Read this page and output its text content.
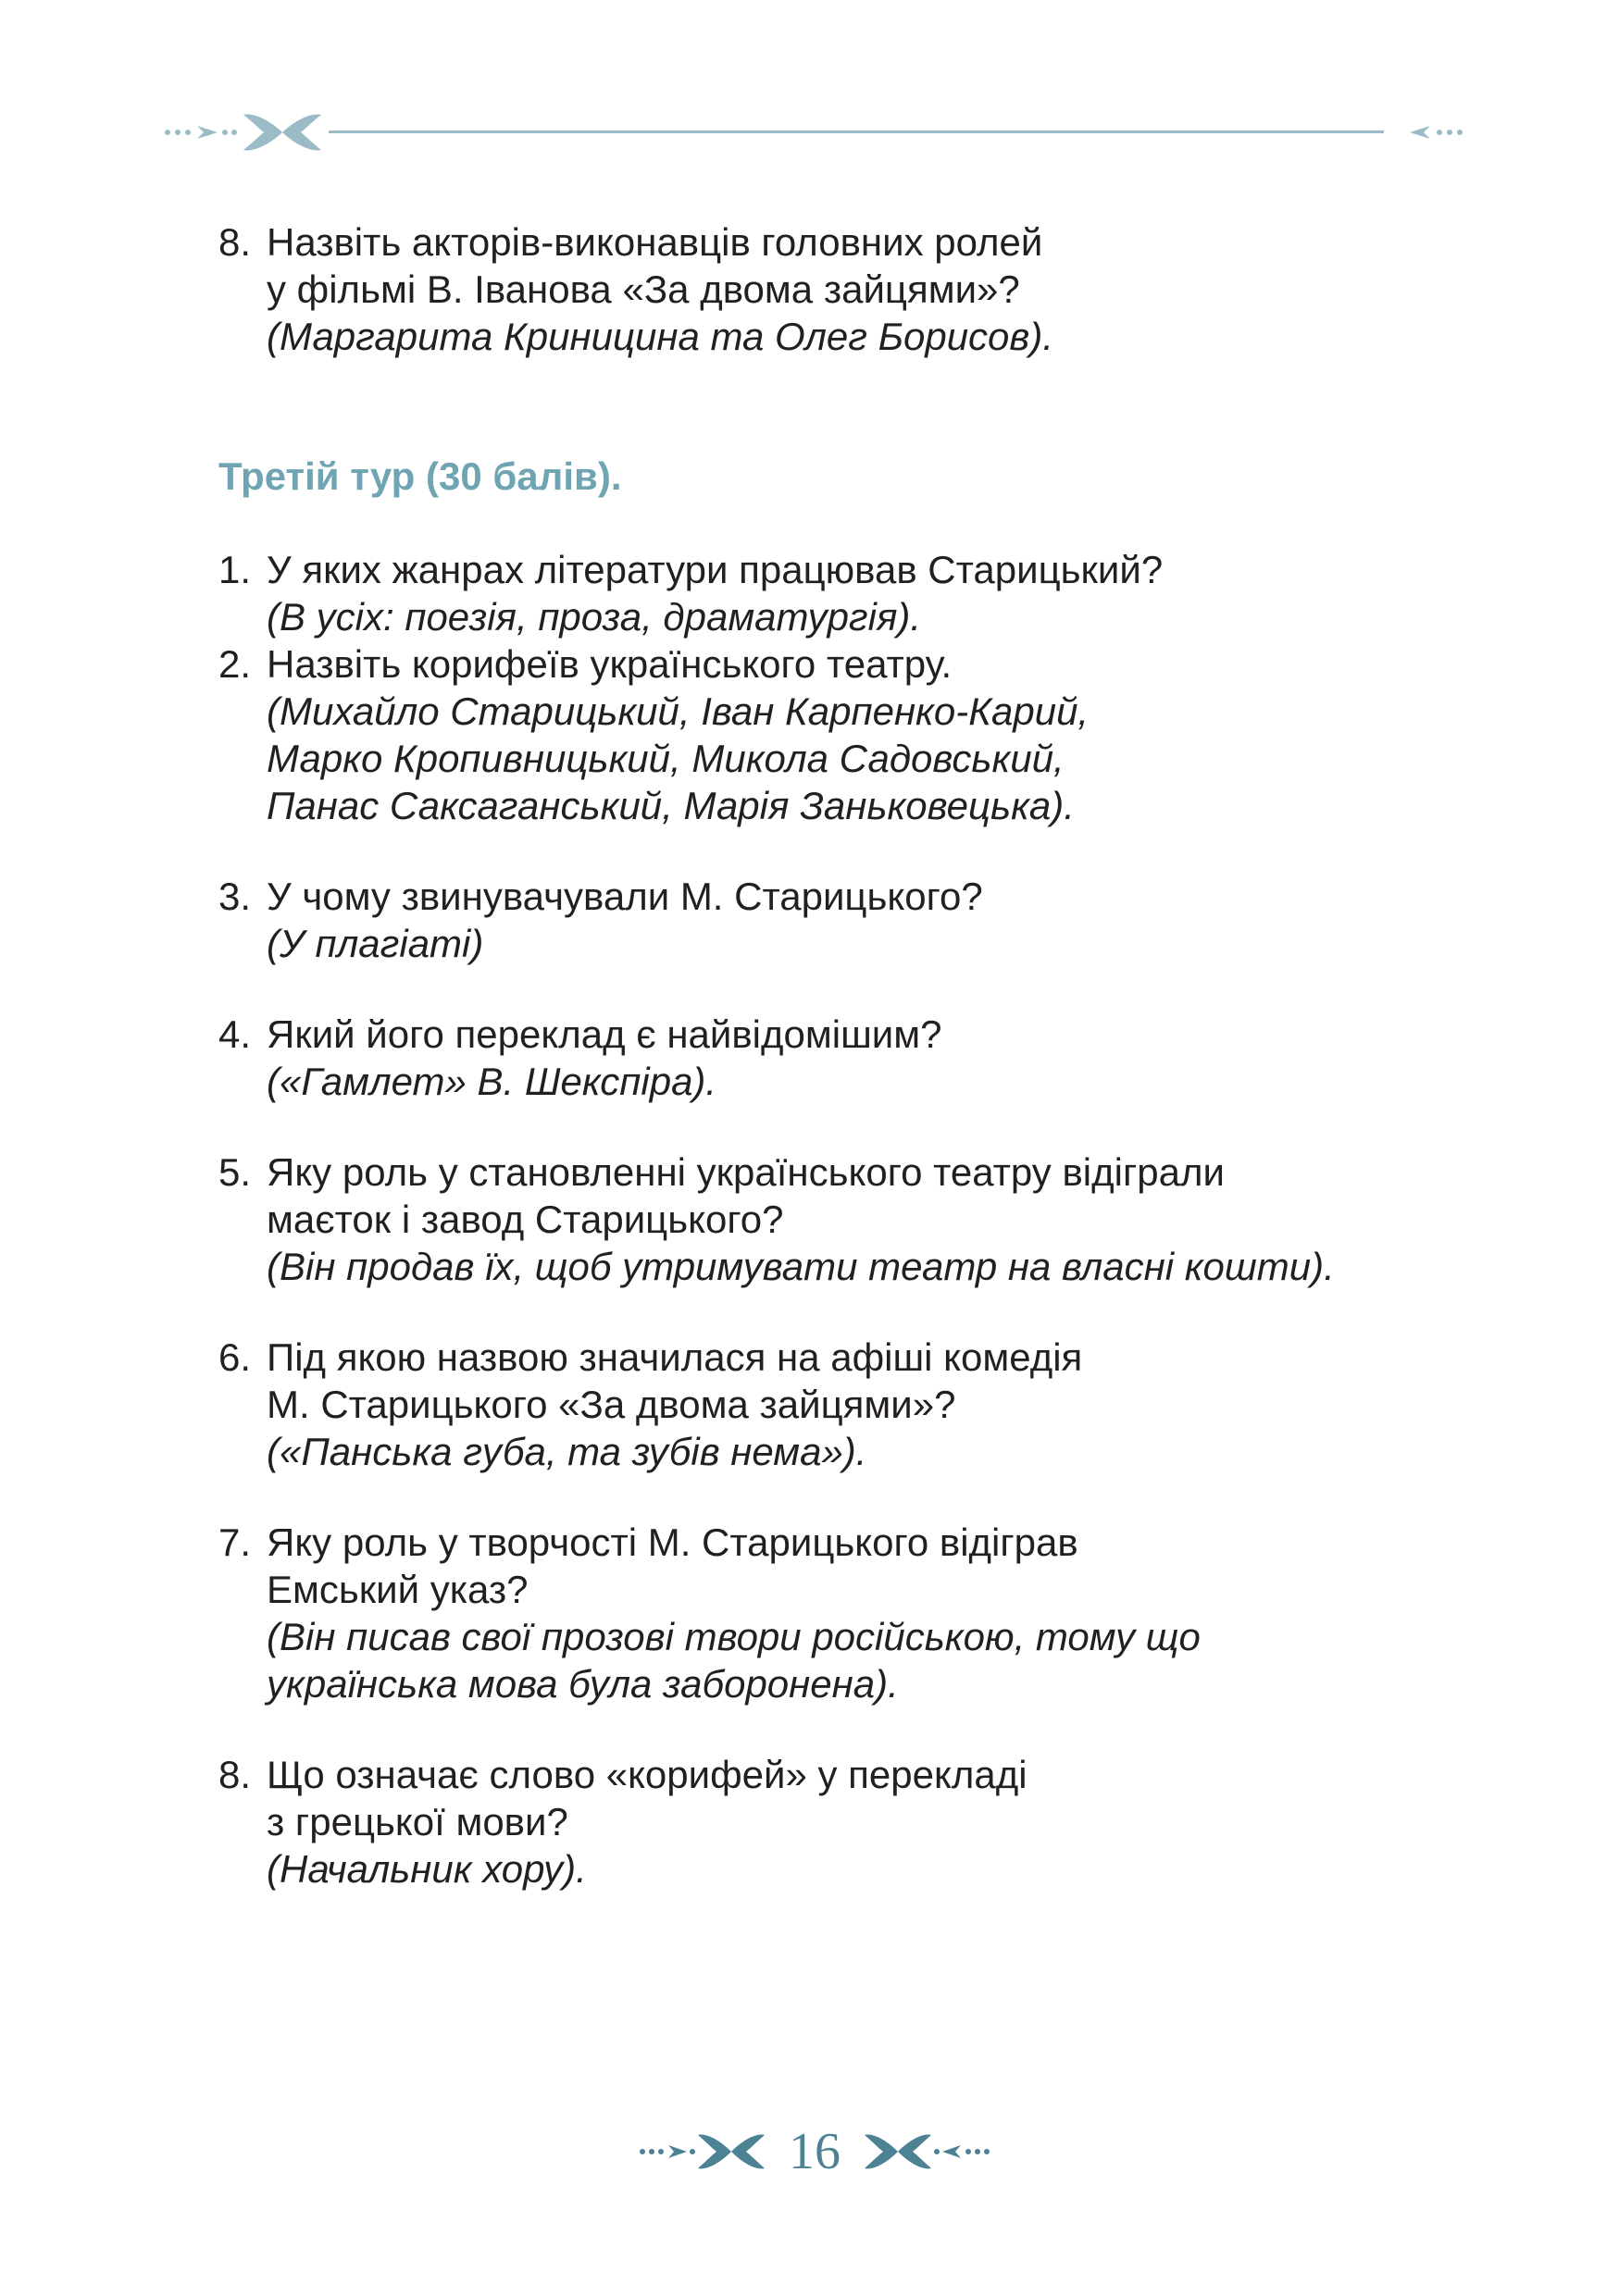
8. Назвіть акторів-виконавців головних ролей
у фільмі В. Іванова «За двома зайцями»?
(Маргарита Криницина та Олег Борисов).
Третій тур (30 балів).
1. У яких жанрах літератури працював Старицький?
(В усіх: поезія, проза, драматургія).
2. Назвіть корифеїв українського театру.
(Михайло Старицький, Іван Карпенко-Карий,
Марко Кропивницький, Микола Садовський,
Панас Саксаганський, Марія Заньковецька).
3. У чому звинувачували М. Старицького?
(У плагіаті)
4. Який його переклад є найвідомішим?
(«Гамлет» В. Шекспіра).
5. Яку роль у становленні українського театру відіграли
маєток і завод Старицького?
(Він продав їх, щоб утримувати театр на власні кошти).
6. Під якою назвою значилася на афіші комедія
М. Старицького «За двома зайцями»?
(«Панська губа, та зубів нема»).
7. Яку роль у творчості М. Старицького відіграв
Емський указ?
(Він писав свої прозові твори російською, тому що
українська мова була заборонена).
8. Що означає слово «корифей» у перекладі
з грецької мови?
(Начальник хору).
16
